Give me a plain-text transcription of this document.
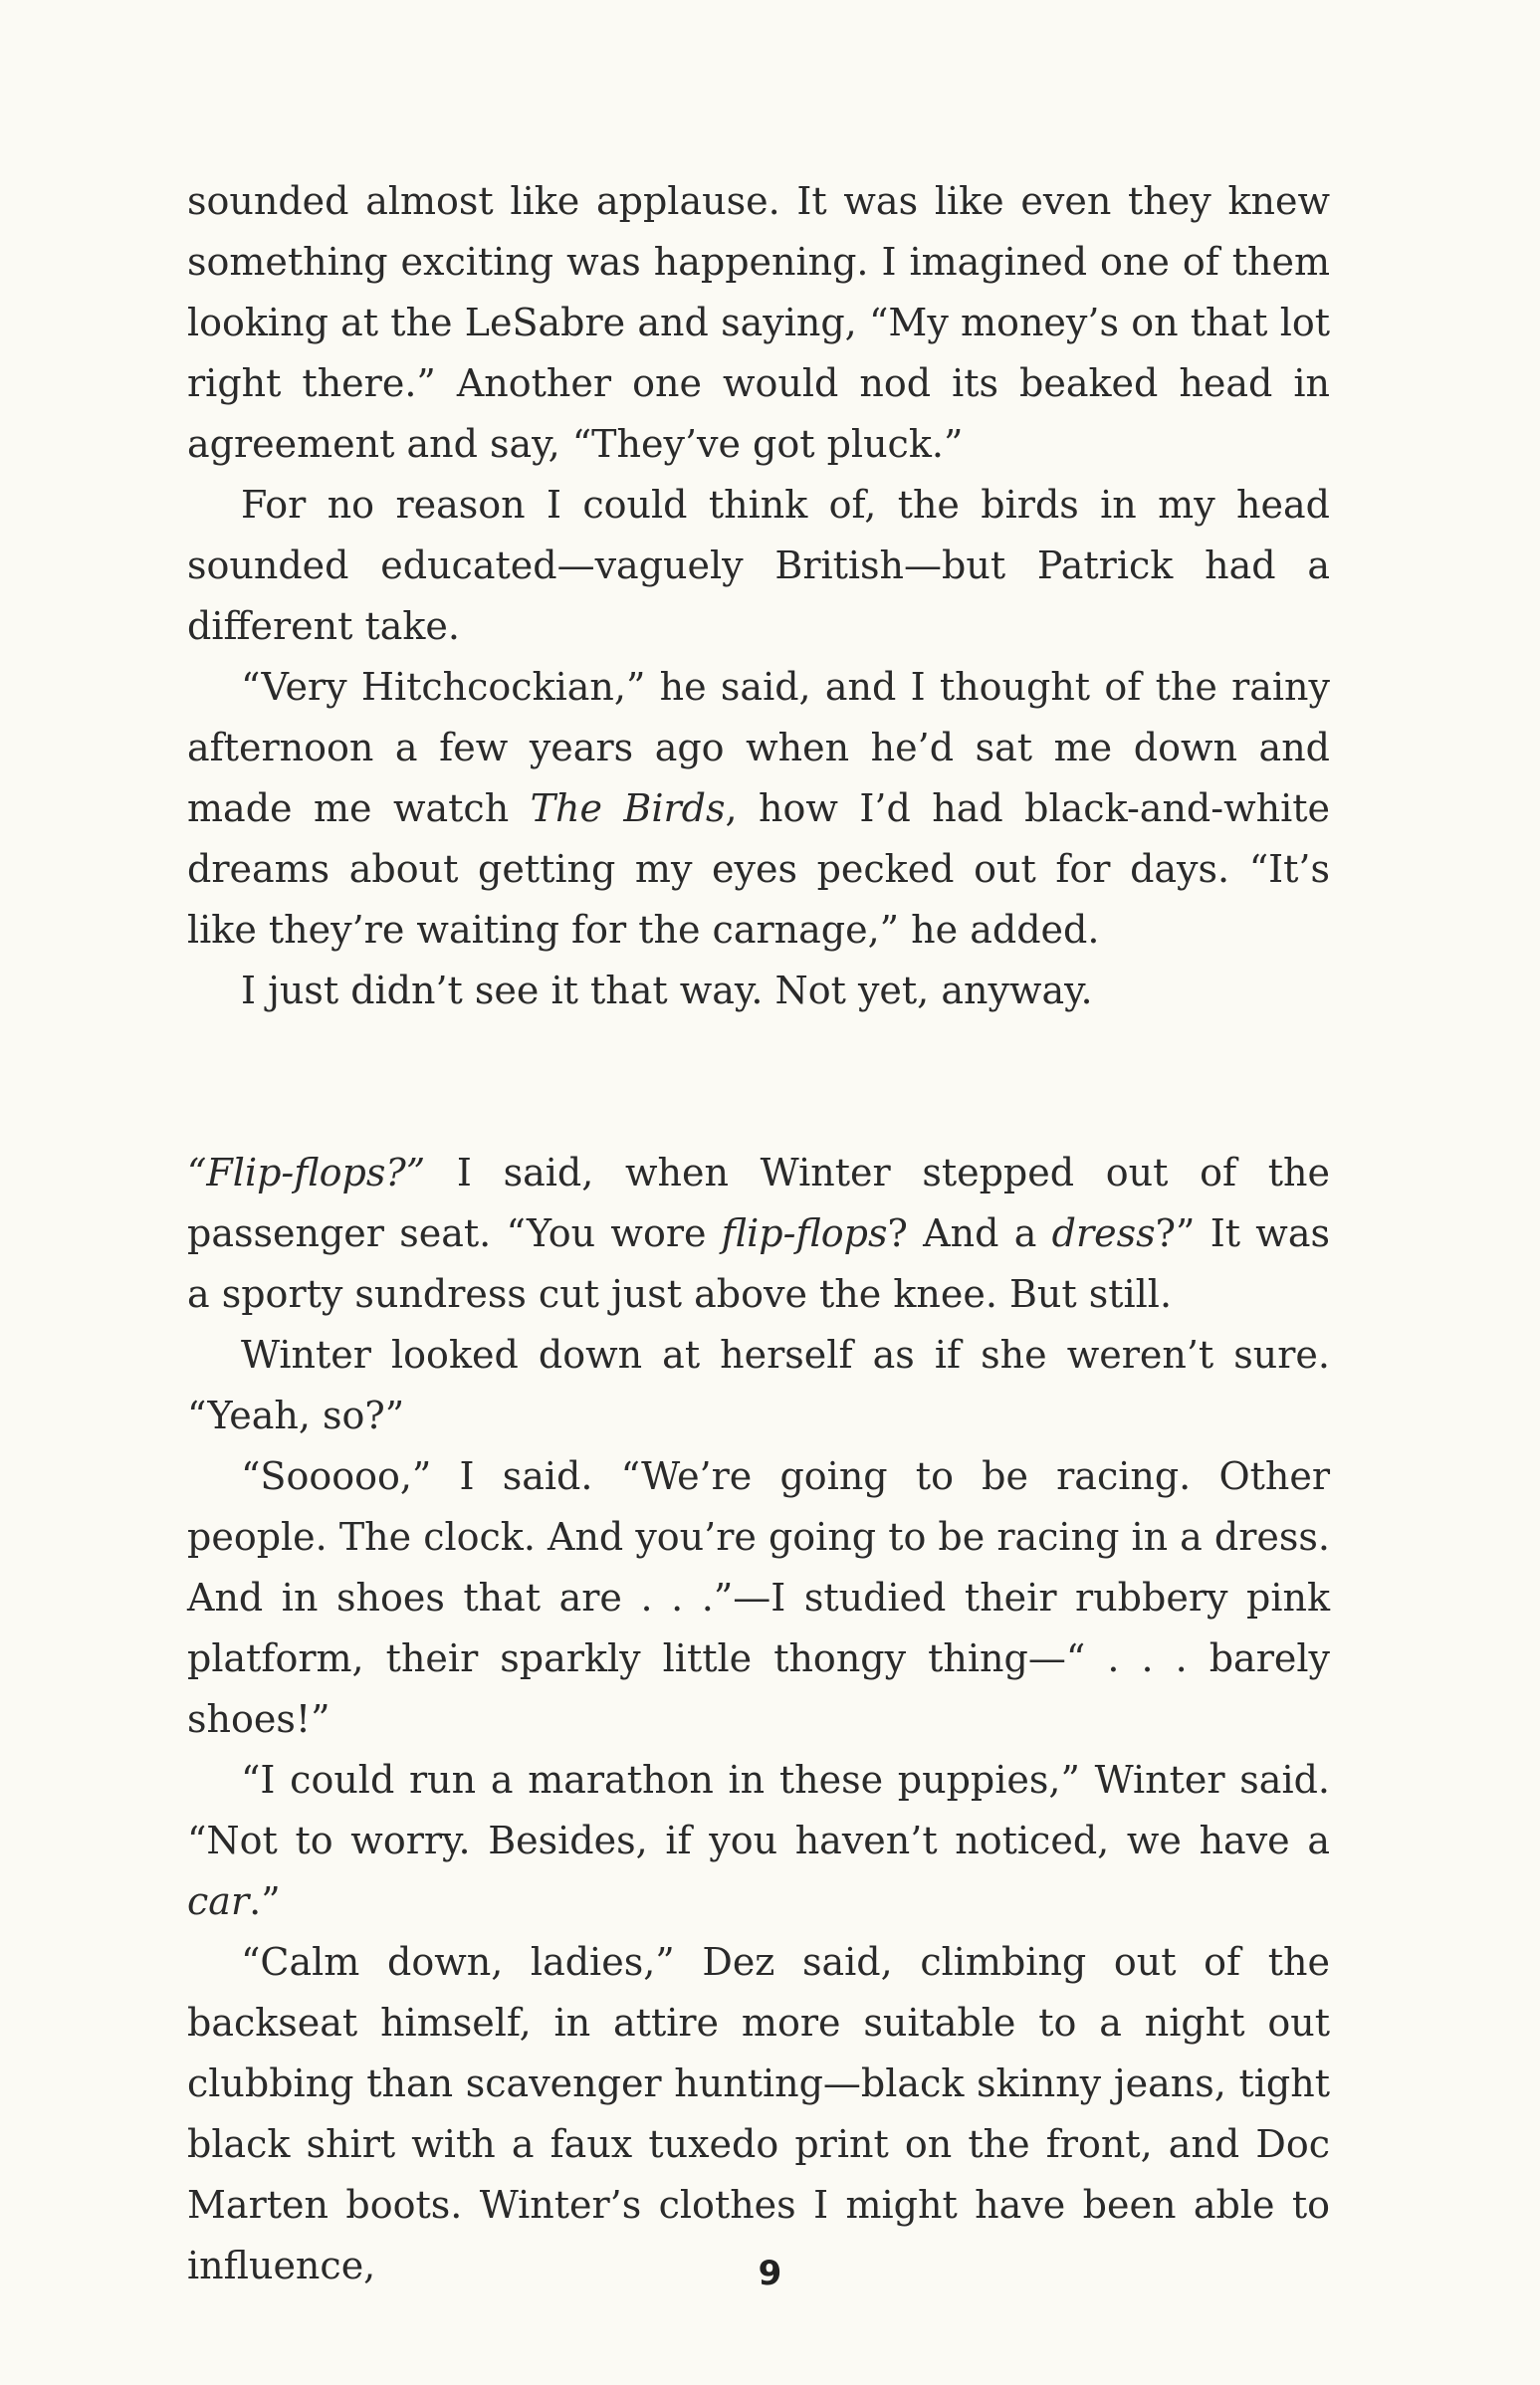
sounded almost like applause. It was like even they knew something exciting was happening. I imagined one of them looking at the LeSabre and saying, “My money’s on that lot right there.” Another one would nod its beaked head in agreement and say, “They’ve got pluck.”

For no reason I could think of, the birds in my head sounded educated—vaguely British—but Patrick had a different take.

“Very Hitchcockian,” he said, and I thought of the rainy afternoon a few years ago when he’d sat me down and made me watch The Birds, how I’d had black-and-white dreams about getting my eyes pecked out for days. “It’s like they’re waiting for the carnage,” he added.

I just didn’t see it that way. Not yet, anyway.

“Flip-flops?” I said, when Winter stepped out of the passenger seat. “You wore flip-flops? And a dress?” It was a sporty sundress cut just above the knee. But still.

Winter looked down at herself as if she weren’t sure. “Yeah, so?”

“Sooooo,” I said. “We’re going to be racing. Other people. The clock. And you’re going to be racing in a dress. And in shoes that are . . .”—I studied their rubbery pink platform, their sparkly little thongy thing—“ . . . barely shoes!”

“I could run a marathon in these puppies,” Winter said. “Not to worry. Besides, if you haven’t noticed, we have a car.”

“Calm down, ladies,” Dez said, climbing out of the backseat himself, in attire more suitable to a night out clubbing than scavenger hunting—black skinny jeans, tight black shirt with a faux tuxedo print on the front, and Doc Marten boots. Winter’s clothes I might have been able to influence,	9
